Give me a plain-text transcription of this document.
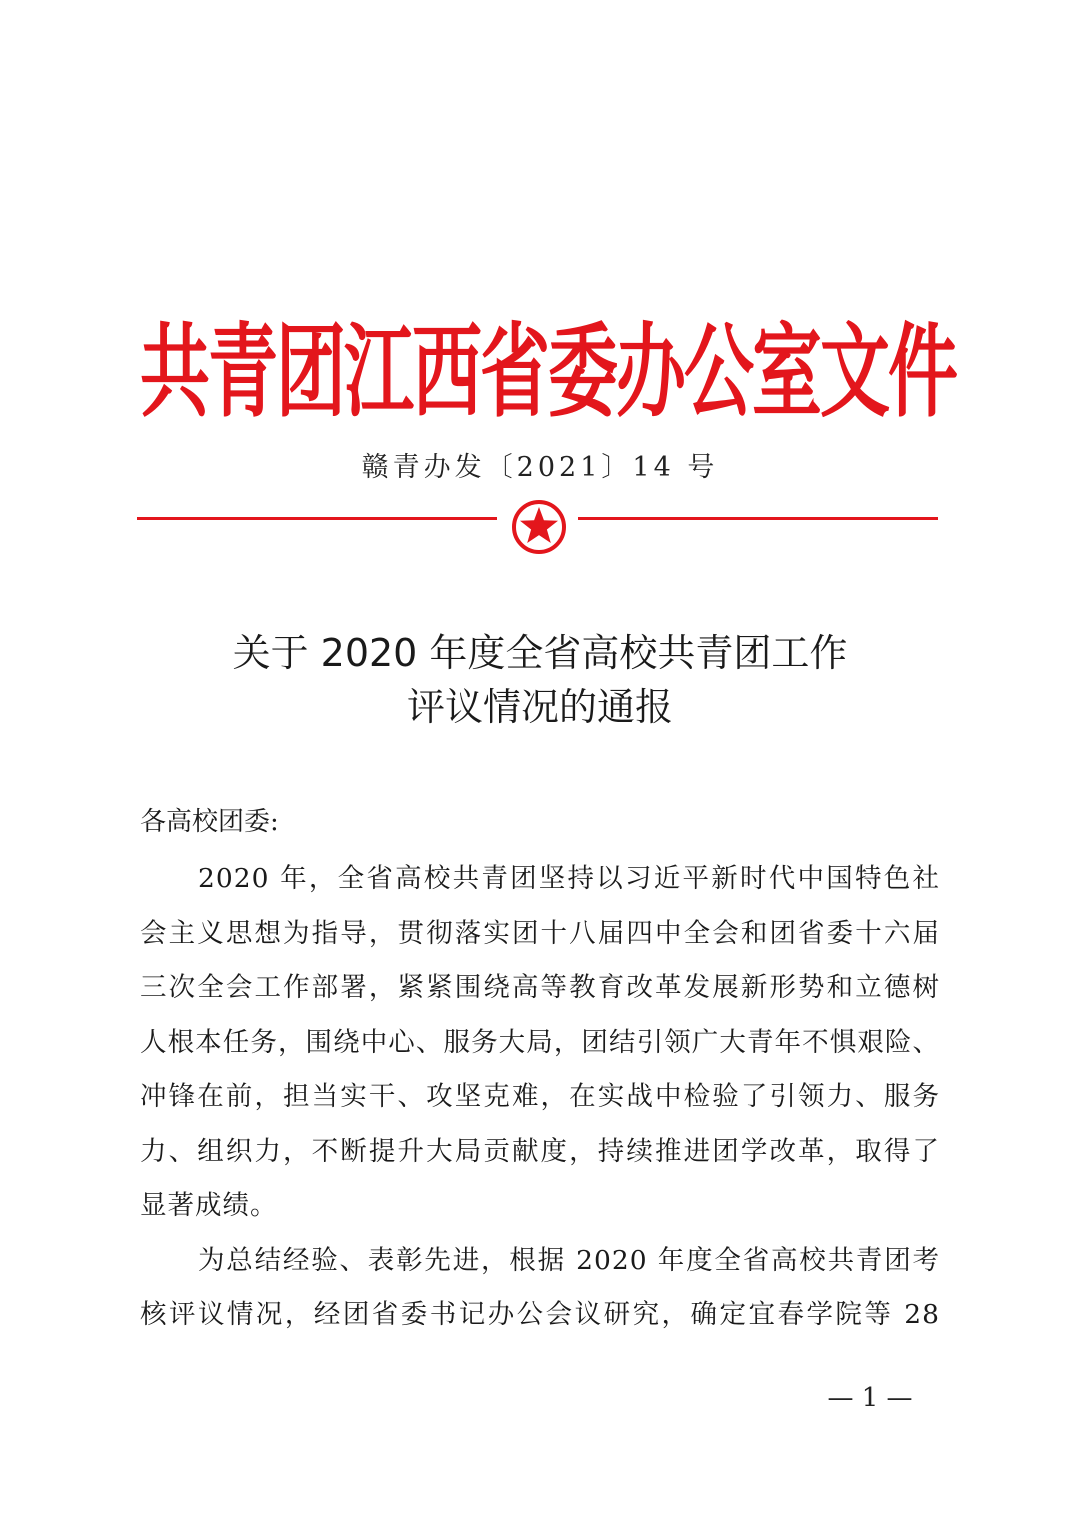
共青团江西省委办公室文件
赣青办发〔2021〕14 号
关于 2020 年度全省高校共青团工作
评议情况的通报
各高校团委:
2020 年，全省高校共青团坚持以习近平新时代中国特色社
会主义思想为指导，贯彻落实团十八届四中全会和团省委十六届
三次全会工作部署，紧紧围绕高等教育改革发展新形势和立德树
人根本任务，围绕中心、服务大局，团结引领广大青年不惧艰险、
冲锋在前，担当实干、攻坚克难，在实战中检验了引领力、服务
力、组织力，不断提升大局贡献度，持续推进团学改革，取得了
显著成绩。
为总结经验、表彰先进，根据 2020 年度全省高校共青团考
核评议情况，经团省委书记办公会议研究，确定宜春学院等 28
— 1 —
